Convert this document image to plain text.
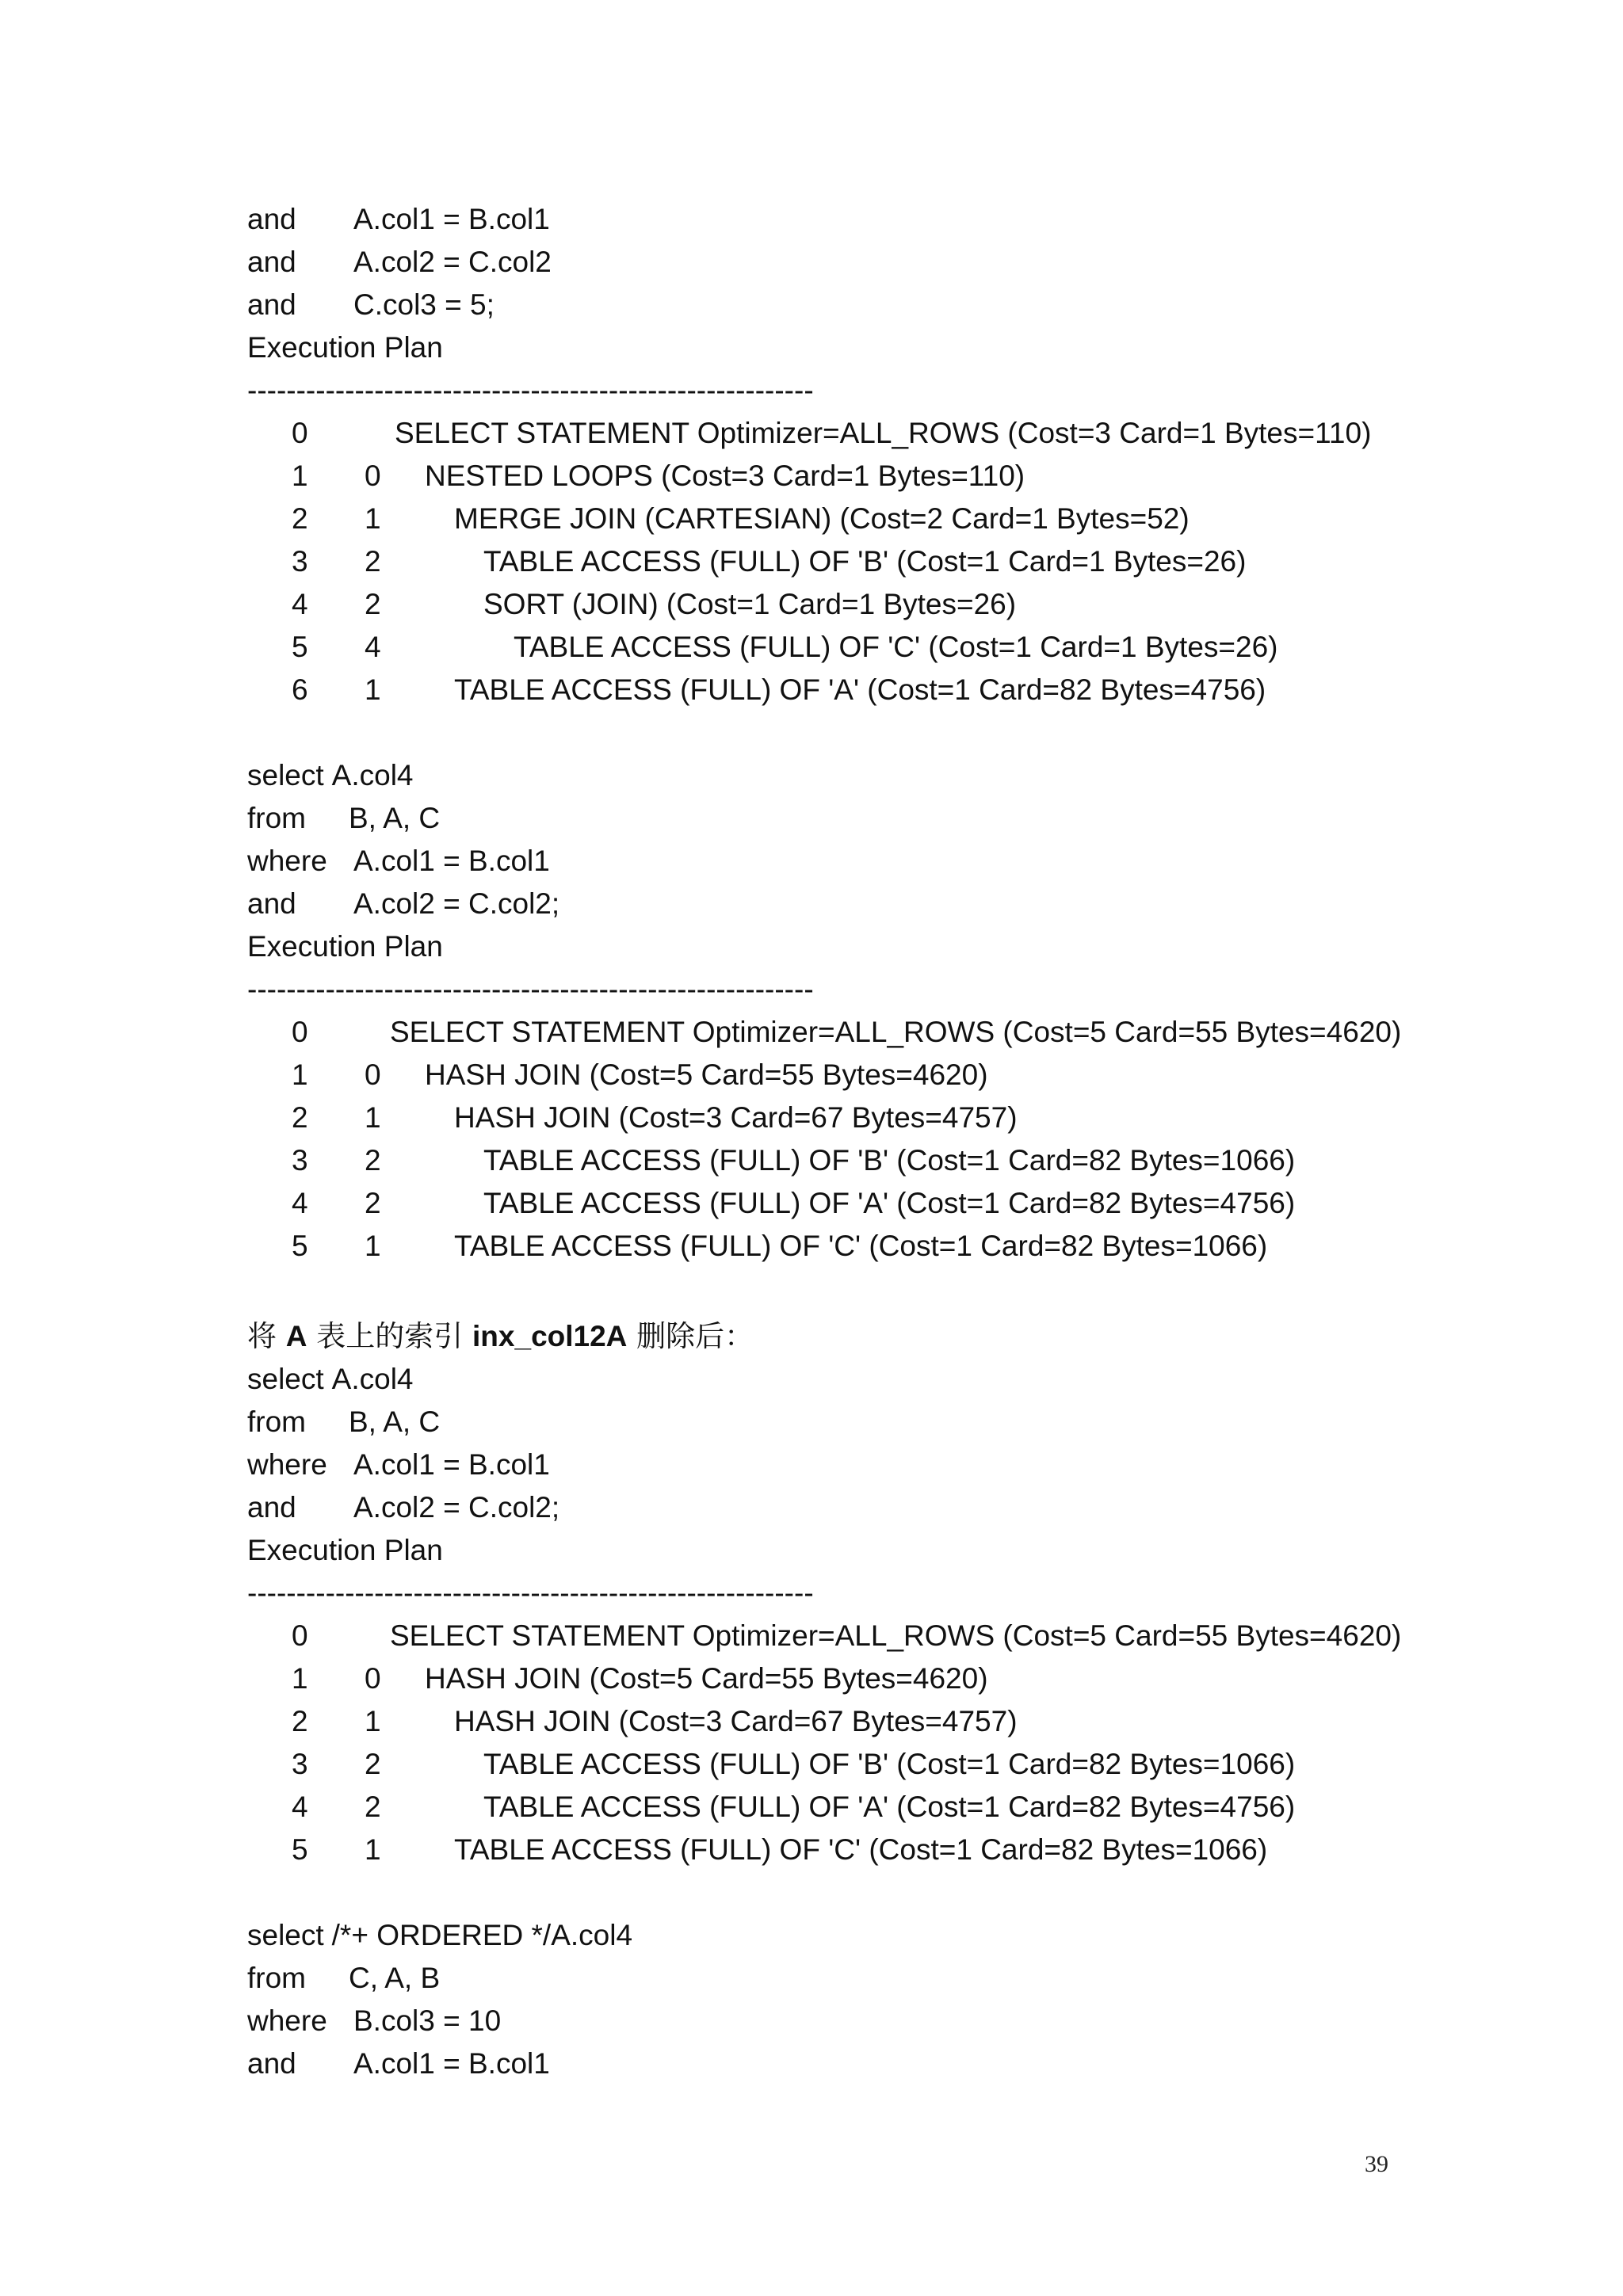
and A.col1 = B.col1
and A.col2 = C.col2
and C.col3 = 5;
Execution Plan
----------------------------------------------------------
0	SELECT STATEMENT Optimizer=ALL_ROWS (Cost=3 Card=1 Bytes=110)
1	0	NESTED LOOPS (Cost=3 Card=1 Bytes=110)
2	1	MERGE JOIN (CARTESIAN) (Cost=2 Card=1 Bytes=52)
3	2	TABLE ACCESS (FULL) OF 'B' (Cost=1 Card=1 Bytes=26)
4	2	SORT (JOIN) (Cost=1 Card=1 Bytes=26)
5	4	TABLE ACCESS (FULL) OF 'C' (Cost=1 Card=1 Bytes=26)
6	1	TABLE ACCESS (FULL) OF 'A' (Cost=1 Card=82 Bytes=4756)
select A.col4
from B, A, C
where A.col1 = B.col1
and A.col2 = C.col2;
Execution Plan
----------------------------------------------------------
0	SELECT STATEMENT Optimizer=ALL_ROWS (Cost=5 Card=55 Bytes=4620)
1	0	HASH JOIN (Cost=5 Card=55 Bytes=4620)
2	1	HASH JOIN (Cost=3 Card=67 Bytes=4757)
3	2	TABLE ACCESS (FULL) OF 'B' (Cost=1 Card=82 Bytes=1066)
4	2	TABLE ACCESS (FULL) OF 'A' (Cost=1 Card=82 Bytes=4756)
5	1	TABLE ACCESS (FULL) OF 'C' (Cost=1 Card=82 Bytes=1066)
将 A 表上的索引 inx_col12A 删除后：
select A.col4
from B, A, C
where A.col1 = B.col1
and A.col2 = C.col2;
Execution Plan
----------------------------------------------------------
0	SELECT STATEMENT Optimizer=ALL_ROWS (Cost=5 Card=55 Bytes=4620)
1	0	HASH JOIN (Cost=5 Card=55 Bytes=4620)
2	1	HASH JOIN (Cost=3 Card=67 Bytes=4757)
3	2	TABLE ACCESS (FULL) OF 'B' (Cost=1 Card=82 Bytes=1066)
4	2	TABLE ACCESS (FULL) OF 'A' (Cost=1 Card=82 Bytes=4756)
5	1	TABLE ACCESS (FULL) OF 'C' (Cost=1 Card=82 Bytes=1066)
select /*+ ORDERED */A.col4
from C, A, B
where B.col3 = 10
and A.col1 = B.col1
39
